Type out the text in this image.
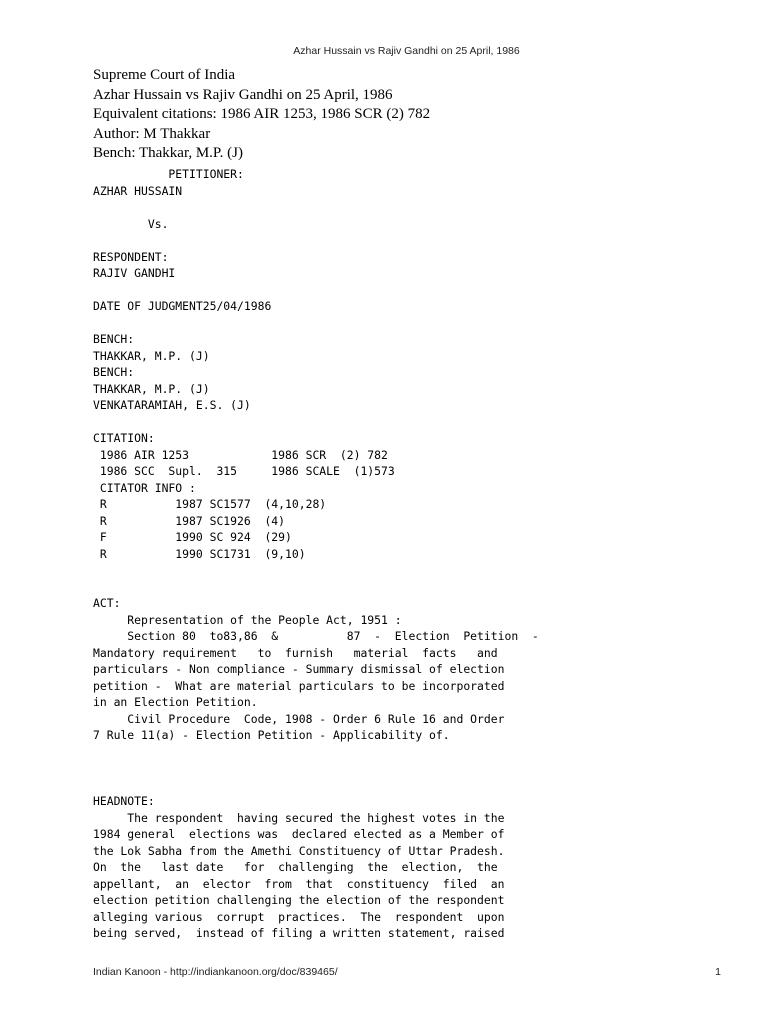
Azhar Hussain vs Rajiv Gandhi on 25 April, 1986
Supreme Court of India
Azhar Hussain vs Rajiv Gandhi on 25 April, 1986
Equivalent citations: 1986 AIR 1253, 1986 SCR (2) 782
Author: M Thakkar
Bench: Thakkar, M.P. (J)
PETITIONER:
AZHAR HUSSAIN
Vs.
RESPONDENT:
RAJIV GANDHI
DATE OF JUDGMENT25/04/1986
BENCH:
THAKKAR, M.P. (J)
BENCH:
THAKKAR, M.P. (J)
VENKATARAMIAH, E.S. (J)
CITATION:
1986 AIR 1253            1986 SCR  (2) 782
1986 SCC  Supl.  315     1986 SCALE  (1)573
CITATOR INFO :
R          1987 SC1577  (4,10,28)
R          1987 SC1926  (4)
F          1990 SC 924  (29)
R          1990 SC1731  (9,10)
ACT:
Representation of the People Act, 1951 :
Section 80  to83,86  &          87  -  Election  Petition  -
Mandatory requirement   to  furnish   material  facts   and
particulars - Non compliance - Summary dismissal of election
petition -  What are material particulars to be incorporated
in an Election Petition.
Civil Procedure  Code, 1908 - Order 6 Rule 16 and Order
7 Rule 11(a) - Election Petition - Applicability of.
HEADNOTE:
The respondent  having secured the highest votes in the
1984 general  elections was  declared elected as a Member of
the Lok Sabha from the Amethi Constituency of Uttar Pradesh.
On  the   last date   for  challenging  the  election,  the
appellant,  an  elector  from  that  constituency  filed  an
election petition challenging the election of the respondent
alleging various  corrupt  practices.  The  respondent  upon
being served,  instead of filing a written statement, raised
Indian Kanoon - http://indiankanoon.org/doc/839465/	1
